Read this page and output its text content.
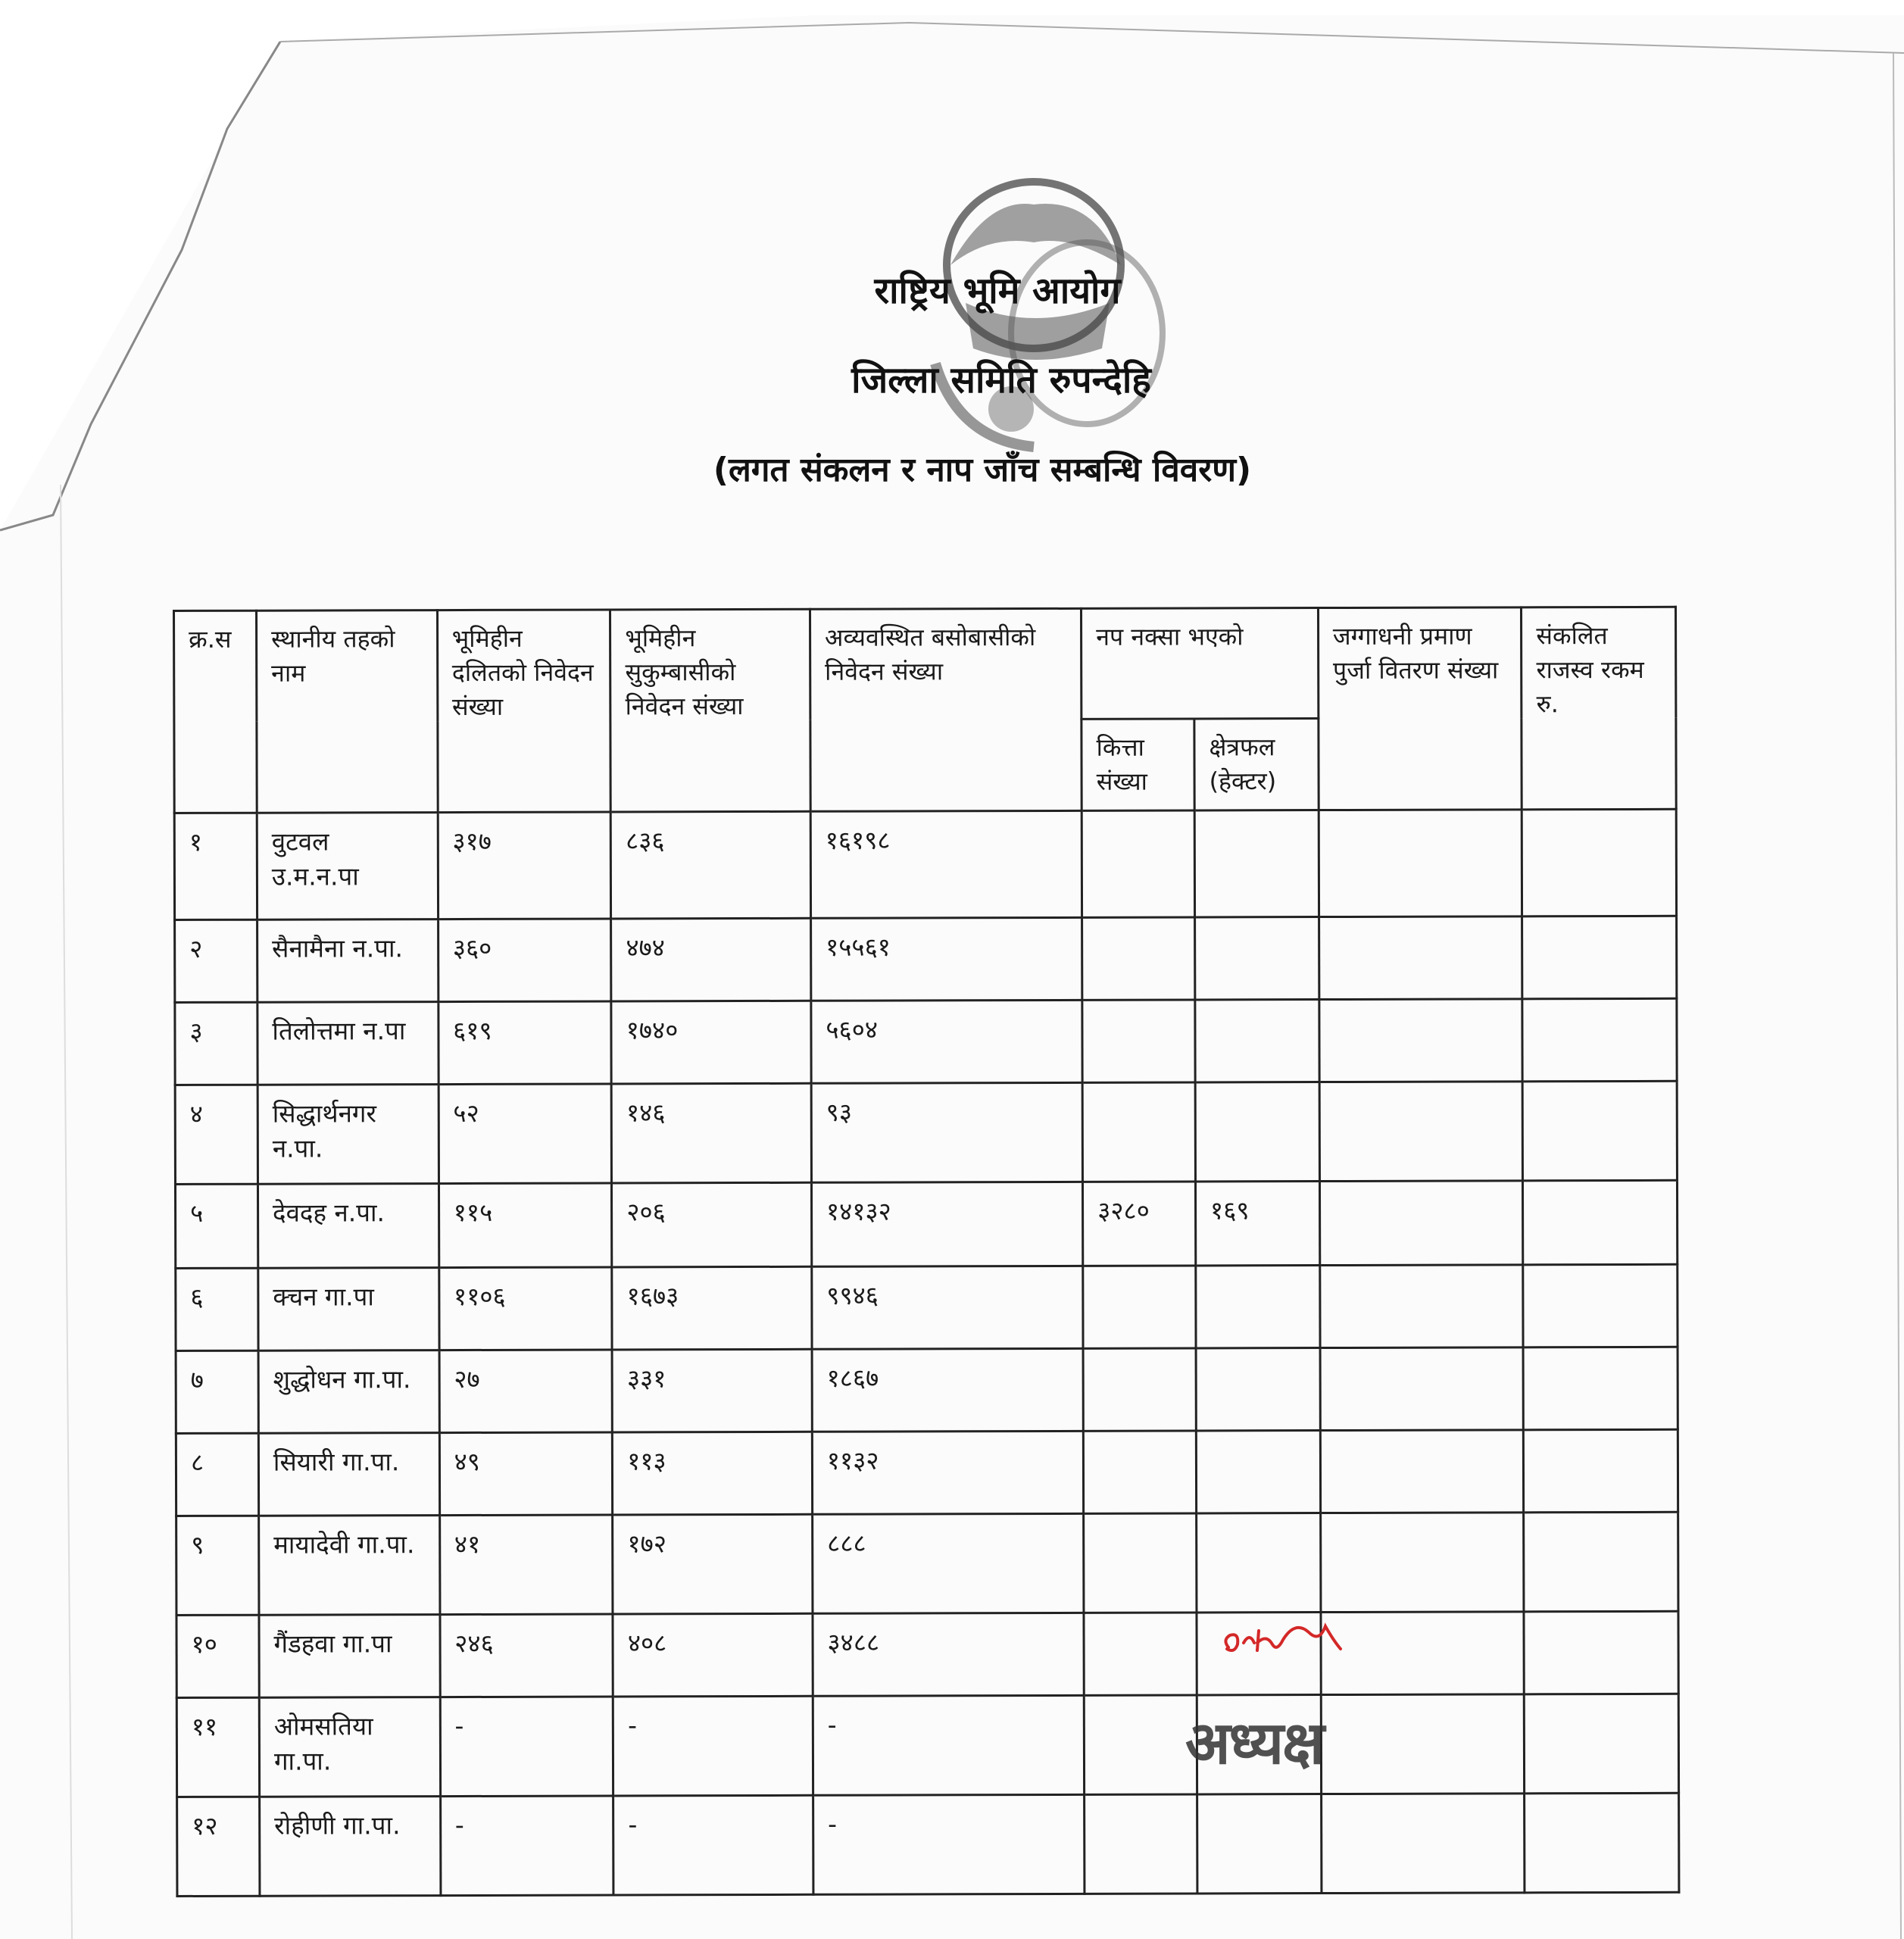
राष्ट्रिय भूमि आयोग
जिल्ला समिति रुपन्देहि
(लगत संकलन र नाप जाँच सम्बन्धि विवरण)
क्र.स	स्थानीय तहको नाम	भूमिहीन दलितको निवेदन संख्या	भूमिहीन सुकुम्बासीको निवेदन संख्या	अव्यवस्थित बसोबासीको निवेदन संख्या	नप नक्सा भएको		जग्गाधनी प्रमाण पुर्जा वितरण संख्या	संकलित राजस्व रकम रु.
					कित्ता संख्या	क्षेत्रफल (हेक्टर)		
१	वुटवल उ.म.न.पा	३१७	८३६	१६१९८				
२	सैनामैना न.पा.	३६०	४७४	१५५६१				
३	तिलोत्तमा न.पा	६१९	१७४०	५६०४				
४	सिद्धार्थनगर न.पा.	५२	१४६	९३				
५	देवदह न.पा.	११५	२०६	१४१३२	३२८०	१६९		
६	क्चन गा.पा	११०६	१६७३	९९४६				
७	शुद्धोधन गा.पा.	२७	३३१	१८६७				
८	सियारी गा.पा.	४९	११३	११३२				
९	मायादेवी गा.पा.	४१	१७२	८८८				
१०	गैंडहवा गा.पा	२४६	४०८	३४८८				
११	ओमसतिया गा.पा.	-	-	-				
१२	रोहीणी गा.पा.	-	-	-				
अध्यक्ष
